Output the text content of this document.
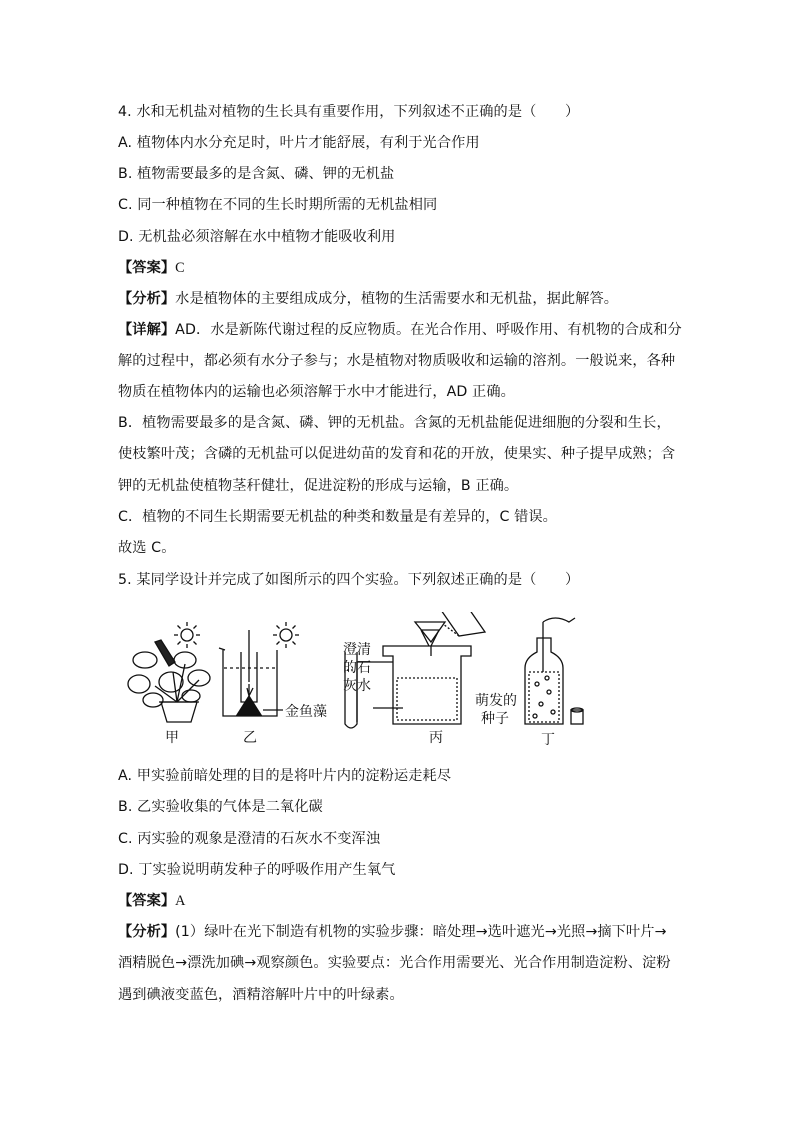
4. 水和无机盐对植物的生长具有重要作用，下列叙述不正确的是（　　）
A. 植物体内水分充足时，叶片才能舒展，有利于光合作用
B. 植物需要最多的是含氮、磷、钾的无机盐
C. 同一种植物在不同的生长时期所需的无机盐相同
D. 无机盐必须溶解在水中植物才能吸收利用
【答案】C
【分析】水是植物体的主要组成成分，植物的生活需要水和无机盐，据此解答。
【详解】AD．水是新陈代谢过程的反应物质。在光合作用、呼吸作用、有机物的合成和分
解的过程中，都必须有水分子参与；水是植物对物质吸收和运输的溶剂。一般说来，各种
物质在植物体内的运输也必须溶解于水中才能进行，AD 正确。
B．植物需要最多的是含氮、磷、钾的无机盐。含氮的无机盐能促进细胞的分裂和生长，
使枝繁叶茂；含磷的无机盐可以促进幼苗的发育和花的开放，使果实、种子提早成熟；含
钾的无机盐使植物茎秆健壮，促进淀粉的形成与运输，B 正确。
C．植物的不同生长期需要无机盐的种类和数量是有差异的，C 错误。
故选 C。
5. 某同学设计并完成了如图所示的四个实验。下列叙述正确的是（　　）
甲	乙
金鱼藻
澄清
的石
灰水
丙
萌发的
种子
丁
A. 甲实验前暗处理的目的是将叶片内的淀粉运走耗尽
B. 乙实验收集的气体是二氧化碳
C. 丙实验的观象是澄清的石灰水不变浑浊
D. 丁实验说明萌发种子的呼吸作用产生氧气
【答案】A
【分析】(1）绿叶在光下制造有机物的实验步骤：暗处理→选叶遮光→光照→摘下叶片→
酒精脱色→漂洗加碘→观察颜色。实验要点：光合作用需要光、光合作用制造淀粉、淀粉
遇到碘液变蓝色，酒精溶解叶片中的叶绿素。
